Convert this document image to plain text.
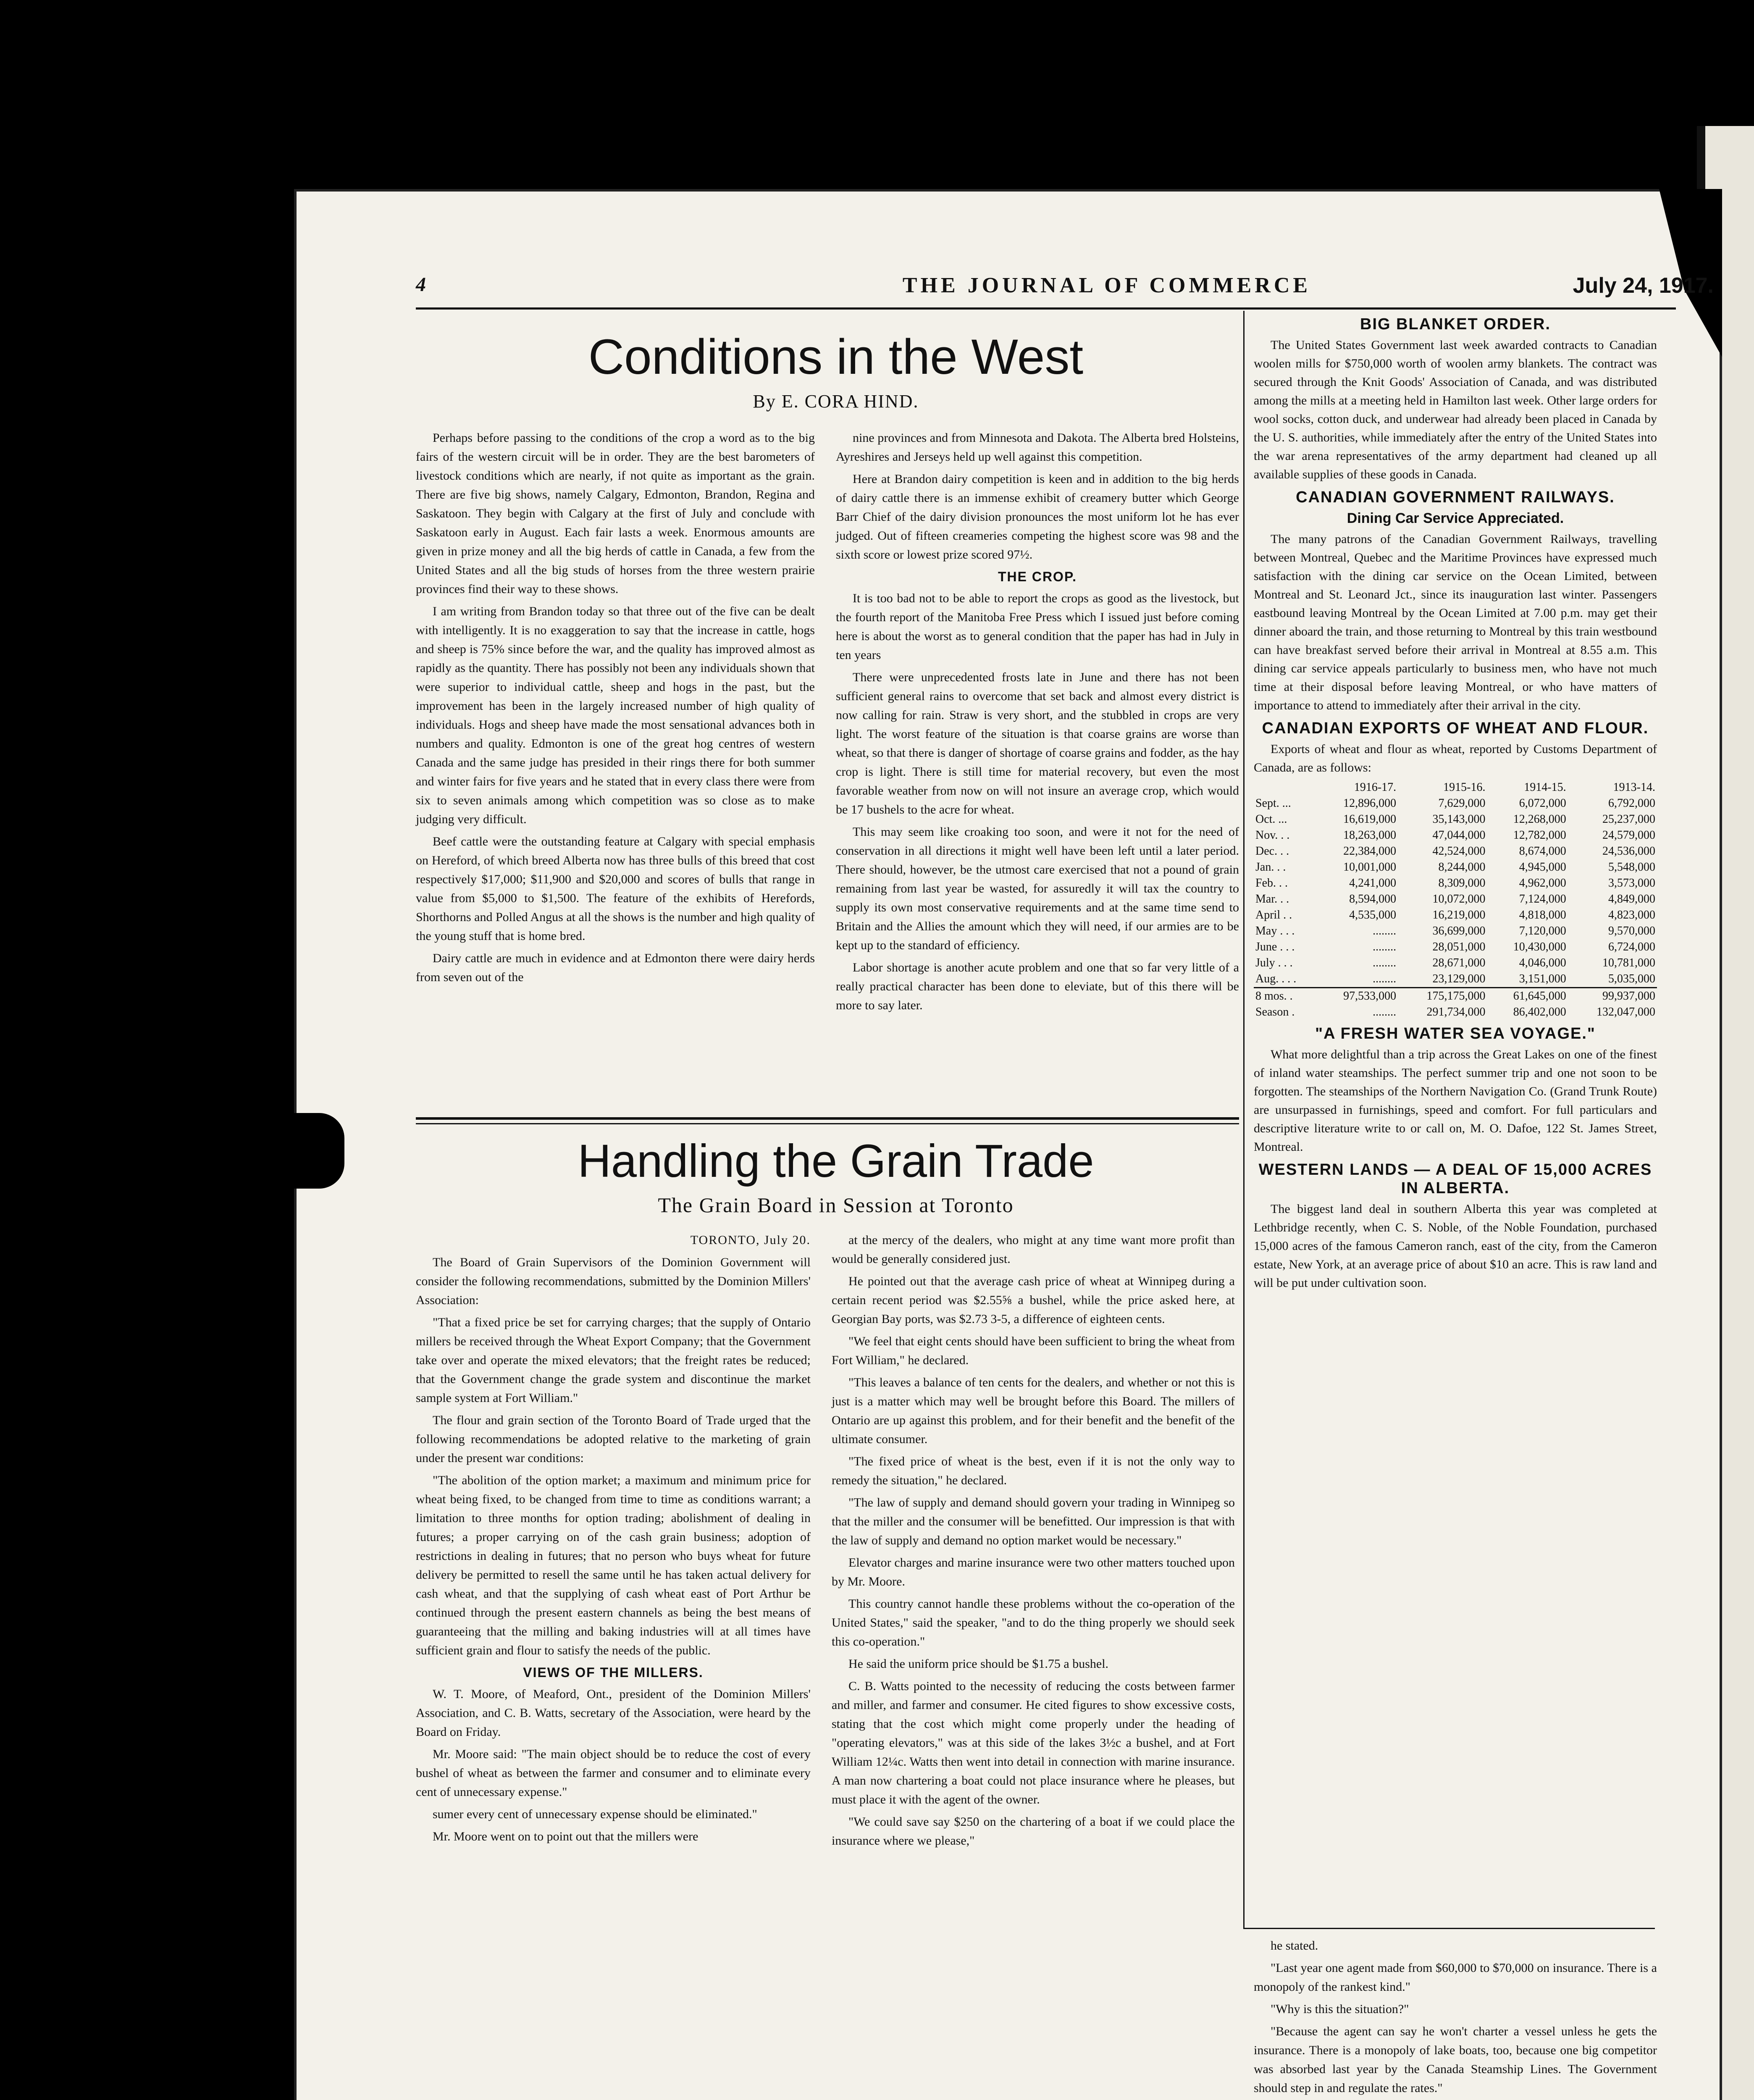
4	THE JOURNAL OF COMMERCE	July 24, 1917.
Conditions in the West
By E. CORA HIND.

Perhaps before passing to the conditions of the crop a word as to the big fairs of the western circuit will be in order. They are the best barometers of livestock conditions which are nearly, if not quite as important as the grain. There are five big shows, namely Calgary, Edmonton, Brandon, Regina and Saskatoon. They begin with Calgary at the first of July and conclude with Saskatoon early in August. Each fair lasts a week. Enormous amounts are given in prize money and all the big herds of cattle in Canada, a few from the United States and all the big studs of horses from the three western prairie provinces find their way to these shows.

I am writing from Brandon today so that three out of the five can be dealt with intelligently. It is no exaggeration to say that the increase in cattle, hogs and sheep is 75% since before the war, and the quality has improved almost as rapidly as the quantity. There has possibly not been any individuals shown that were superior to individual cattle, sheep and hogs in the past, but the improvement has been in the largely increased number of high quality of individuals. Hogs and sheep have made the most sensational advances both in numbers and quality. Edmonton is one of the great hog centres of western Canada and the same judge has presided in their rings there for both summer and winter fairs for five years and he stated that in every class there were from six to seven animals among which competition was so close as to make judging very difficult.

Beef cattle were the outstanding feature at Calgary with special emphasis on Hereford, of which breed Alberta now has three bulls of this breed that cost respectively $17,000; $11,900 and $20,000 and scores of bulls that range in value from $5,000 to $1,500. The feature of the exhibits of Herefords, Shorthorns and Polled Angus at all the shows is the number and high quality of the young stuff that is home bred.

Dairy cattle are much in evidence and at Edmonton there were dairy herds from seven out of the

nine provinces and from Minnesota and Dakota. The Alberta bred Holsteins, Ayreshires and Jerseys held up well against this competition.

Here at Brandon dairy competition is keen and in addition to the big herds of dairy cattle there is an immense exhibit of creamery butter which George Barr Chief of the dairy division pronounces the most uniform lot he has ever judged. Out of fifteen creameries competing the highest score was 98 and the sixth score or lowest prize scored 97½.

THE CROP.

It is too bad not to be able to report the crops as good as the livestock, but the fourth report of the Manitoba Free Press which I issued just before coming here is about the worst as to general condition that the paper has had in July in ten years

There were unprecedented frosts late in June and there has not been sufficient general rains to overcome that set back and almost every district is now calling for rain. Straw is very short, and the stubbled in crops are very light. The worst feature of the situation is that coarse grains are worse than wheat, so that there is danger of shortage of coarse grains and fodder, as the hay crop is light. There is still time for material recovery, but even the most favorable weather from now on will not insure an average crop, which would be 17 bushels to the acre for wheat.

This may seem like croaking too soon, and were it not for the need of conservation in all directions it might well have been left until a later period. There should, however, be the utmost care exercised that not a pound of grain remaining from last year be wasted, for assuredly it will tax the country to supply its own most conservative requirements and at the same time send to Britain and the Allies the amount which they will need, if our armies are to be kept up to the standard of efficiency.

Labor shortage is another acute problem and one that so far very little of a really practical character has been done to eleviate, but of this there will be more to say later.

BIG BLANKET ORDER.

The United States Government last week awarded contracts to Canadian woolen mills for $750,000 worth of woolen army blankets. The contract was secured through the Knit Goods' Association of Canada, and was distributed among the mills at a meeting held in Hamilton last week. Other large orders for wool socks, cotton duck, and underwear had already been placed in Canada by the U. S. authorities, while immediately after the entry of the United States into the war arena representatives of the army department had cleaned up all available supplies of these goods in Canada.

CANADIAN GOVERNMENT RAILWAYS.
Dining Car Service Appreciated.

The many patrons of the Canadian Government Railways, travelling between Montreal, Quebec and the Maritime Provinces have expressed much satisfaction with the dining car service on the Ocean Limited, between Montreal and St. Leonard Jct., since its inauguration last winter. Passengers eastbound leaving Montreal by the Ocean Limited at 7.00 p.m. may get their dinner aboard the train, and those returning to Montreal by this train westbound can have breakfast served before their arrival in Montreal at 8.55 a.m. This dining car service appeals particularly to business men, who have not much time at their disposal before leaving Montreal, or who have matters of importance to attend to immediately after their arrival in the city.

CANADIAN EXPORTS OF WHEAT AND FLOUR.

Exports of wheat and flour as wheat, reported by Customs Department of Canada, are as follows:

	1916-17.	1915-16.	1914-15.	1913-14.
Sept. ...	12,896,000	7,629,000	6,072,000	6,792,000
Oct. ...	16,619,000	35,143,000	12,268,000	25,237,000
Nov. . .	18,263,000	47,044,000	12,782,000	24,579,000
Dec. . .	22,384,000	42,524,000	8,674,000	24,536,000
Jan. . .	10,001,000	8,244,000	4,945,000	5,548,000
Feb. . .	4,241,000	8,309,000	4,962,000	3,573,000
Mar. . .	8,594,000	10,072,000	7,124,000	4,849,000
April . .	4,535,000	16,219,000	4,818,000	4,823,000
May . . .	........	36,699,000	7,120,000	9,570,000
June . . .	........	28,051,000	10,430,000	6,724,000
July . . .	........	28,671,000	4,046,000	10,781,000
Aug. . . .	........	23,129,000	3,151,000	5,035,000
8 mos. .	97,533,000	175,175,000	61,645,000	99,937,000
Season .	........	291,734,000	86,402,000	132,047,000
"A FRESH WATER SEA VOYAGE."

What more delightful than a trip across the Great Lakes on one of the finest of inland water steamships. The perfect summer trip and one not soon to be forgotten. The steamships of the Northern Navigation Co. (Grand Trunk Route) are unsurpassed in furnishings, speed and comfort. For full particulars and descriptive literature write to or call on, M. O. Dafoe, 122 St. James Street, Montreal.

WESTERN LANDS — A DEAL OF 15,000 ACRES IN ALBERTA.

The biggest land deal in southern Alberta this year was completed at Lethbridge recently, when C. S. Noble, of the Noble Foundation, purchased 15,000 acres of the famous Cameron ranch, east of the city, from the Cameron estate, New York, at an average price of about $10 an acre. This is raw land and will be put under cultivation soon.

Handling the Grain Trade
The Grain Board in Session at Toronto

TORONTO, July 20.

The Board of Grain Supervisors of the Dominion Government will consider the following recommendations, submitted by the Dominion Millers' Association:

"That a fixed price be set for carrying charges; that the supply of Ontario millers be received through the Wheat Export Company; that the Government take over and operate the mixed elevators; that the freight rates be reduced; that the Government change the grade system and discontinue the market sample system at Fort William."

The flour and grain section of the Toronto Board of Trade urged that the following recommendations be adopted relative to the marketing of grain under the present war conditions:

"The abolition of the option market; a maximum and minimum price for wheat being fixed, to be changed from time to time as conditions warrant; a limitation to three months for option trading; abolishment of dealing in futures; a proper carrying on of the cash grain business; adoption of restrictions in dealing in futures; that no person who buys wheat for future delivery be permitted to resell the same until he has taken actual delivery for cash wheat, and that the supplying of cash wheat east of Port Arthur be continued through the present eastern channels as being the best means of guaranteeing that the milling and baking industries will at all times have sufficient grain and flour to satisfy the needs of the public.

VIEWS OF THE MILLERS.

W. T. Moore, of Meaford, Ont., president of the Dominion Millers' Association, and C. B. Watts, secretary of the Association, were heard by the Board on Friday.

Mr. Moore said: "The main object should be to reduce the cost of every bushel of wheat as between the farmer and consumer and to eliminate every cent of unnecessary expense."

sumer every cent of unnecessary expense should be eliminated."

Mr. Moore went on to point out that the millers were

at the mercy of the dealers, who might at any time want more profit than would be generally considered just.

He pointed out that the average cash price of wheat at Winnipeg during a certain recent period was $2.55⅝ a bushel, while the price asked here, at Georgian Bay ports, was $2.73 3-5, a difference of eighteen cents.

"We feel that eight cents should have been sufficient to bring the wheat from Fort William," he declared.

"This leaves a balance of ten cents for the dealers, and whether or not this is just is a matter which may well be brought before this Board. The millers of Ontario are up against this problem, and for their benefit and the benefit of the ultimate consumer.

"The fixed price of wheat is the best, even if it is not the only way to remedy the situation," he declared.

"The law of supply and demand should govern your trading in Winnipeg so that the miller and the consumer will be benefitted. Our impression is that with the law of supply and demand no option market would be necessary."

Elevator charges and marine insurance were two other matters touched upon by Mr. Moore.

This country cannot handle these problems without the co-operation of the United States," said the speaker, "and to do the thing properly we should seek this co-operation."

He said the uniform price should be $1.75 a bushel.

C. B. Watts pointed to the necessity of reducing the costs between farmer and miller, and farmer and consumer. He cited figures to show excessive costs, stating that the cost which might come properly under the heading of "operating elevators," was at this side of the lakes 3½c a bushel, and at Fort William 12¼c. Watts then went into detail in connection with marine insurance. A man now chartering a boat could not place insurance where he pleases, but must place it with the agent of the owner.

"We could save say $250 on the chartering of a boat if we could place the insurance where we please,"

he stated.

"Last year one agent made from $60,000 to $70,000 on insurance. There is a monopoly of the rankest kind."

"Why is this the situation?"

"Because the agent can say he won't charter a vessel unless he gets the insurance. There is a monopoly of lake boats, too, because one big competitor was absorbed last year by the Canada Steamship Lines. The Government should step in and regulate the rates."
